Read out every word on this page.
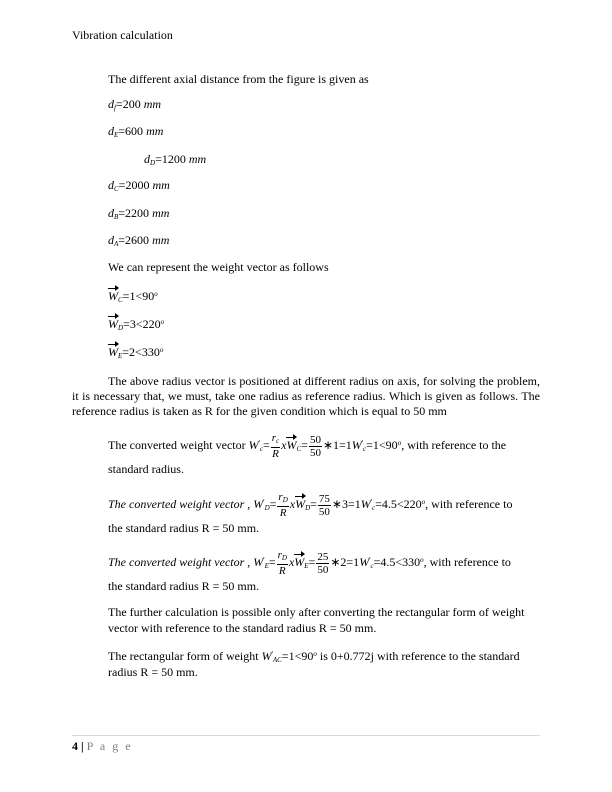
Vibration calculation
The different axial distance from the figure is given as
$d_f=200$ mm
$d_E=600$ mm
$d_D=1200$ mm
$d_C=2000$ mm
$d_B=2200$ mm
$d_A=2600$ mm
We can represent the weight vector as follows
$W_C=1<90^o$
$W_D=3<220^o$
$W_E=2<330^o$
The above radius vector is positioned at different radius on axis, for solving the problem, it is necessary that, we must, take one radius as reference radius. Which is given as follows. The reference radius is taken as R for the given condition which is equal to 50 mm
The converted weight vector $W'_c= \frac{r_c}{R} xW_C= \frac{50}{50}$ $∗1=1W'_c=1<90^o$, with reference to the
standard radius.
The converted weight vector , $W'_D= \frac{r_D}{R} xW_D= \frac{75}{50}$ $∗3=1W'_c=4.5<220^o$, with reference to
the standard radius R = 50 mm.
The converted weight vector , $W'_E= \frac{r_D}{R} xW_E= \frac{25}{50}$ $∗2=1W'_c=4.5<330^o$, with reference to
the standard radius R = 50 mm.
The further calculation is possible only after converting the rectangular form of weight
vector with reference to the standard radius R = 50 mm.
The rectangular form of weight $W'_{AC}=1<90^o$ is 0+0.772j with reference to the standard
radius R = 50 mm.
4 | P a g e
